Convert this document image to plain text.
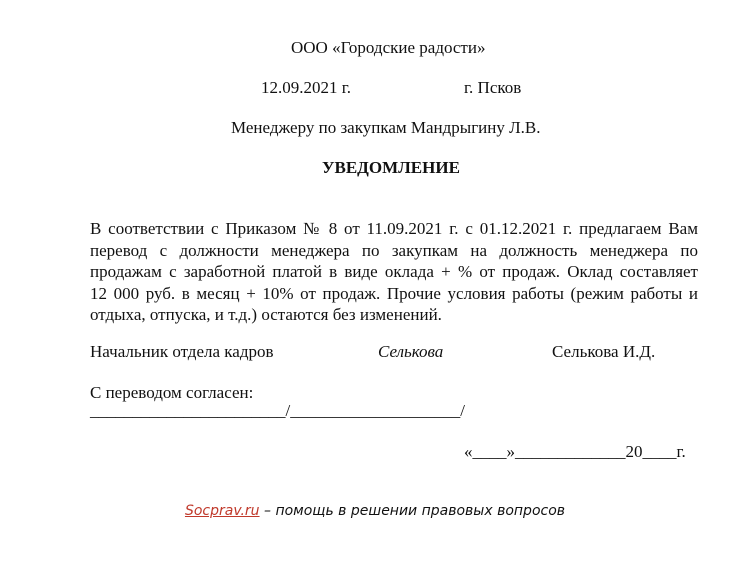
ООО «Городские радости»
12.09.2021 г.	г. Псков
Менеджеру по закупкам Мандрыгину Л.В.
УВЕДОМЛЕНИЕ
В соответствии с Приказом № 8 от 11.09.2021 г. с 01.12.2021 г. предлагаем Вам
перевод с должности менеджера по закупкам на должность менеджера по
продажам с заработной платой в виде оклада + % от продаж. Оклад составляет
12 000 руб. в месяц + 10% от продаж. Прочие условия работы (режим работы и
отдыха, отпуска, и т.д.) остаются без изменений.
Начальник отдела кадров	Селькова	Селькова И.Д.
С переводом согласен:
_______________________/____________________/
«____»_____________20____г.
Socprav.ru – помощь в решении правовых вопросов
